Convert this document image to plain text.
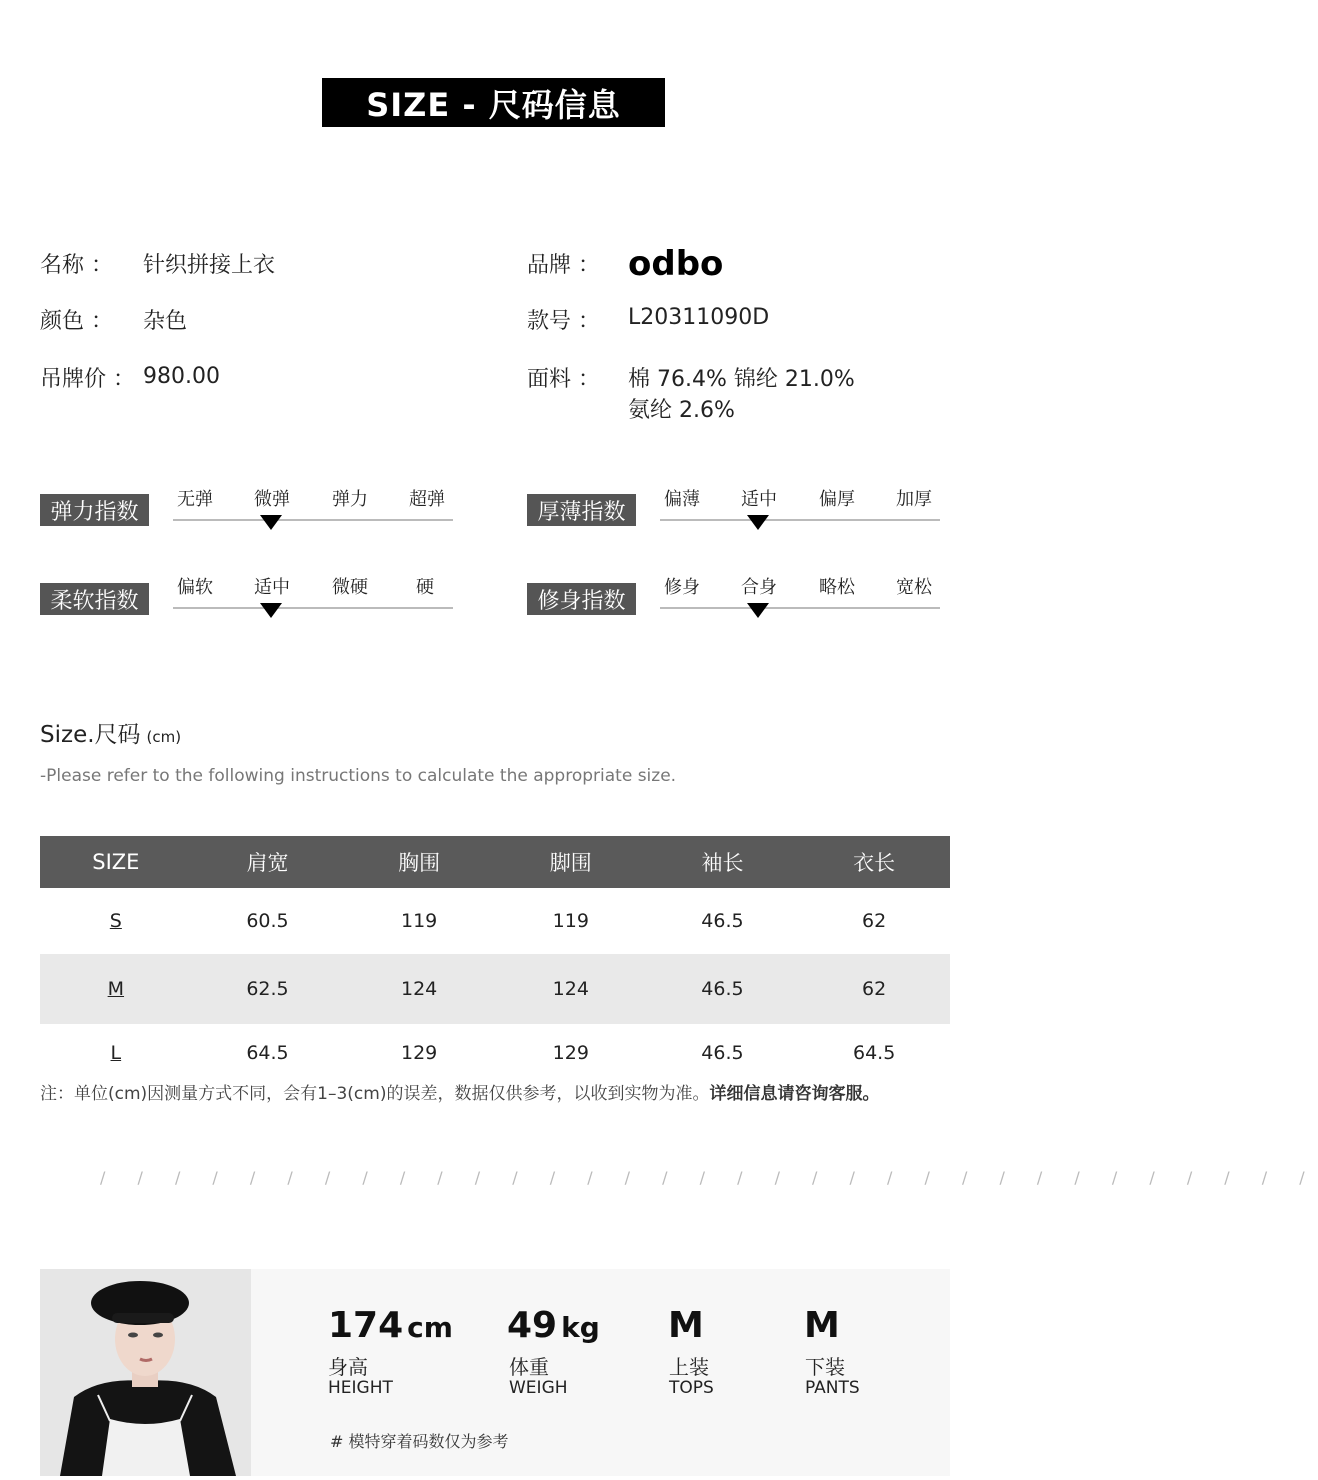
SIZE - 尺码信息
名称 ： 针织拼接上衣
颜色 ： 杂色
吊牌价 ： 980.00
品牌 ： odbo
款号 ： L20311090D
面料 ： 棉 76.4% 锦纶 21.0%
氨纶 2.6%
弹力指数	无弹	微弹	弹力	超弹	厚薄指数	偏薄	适中	偏厚	加厚
柔软指数
偏软	适中	微硬	硬
修身指数
修身	合身	略松	宽松
Size.尺码 (cm)
-Please refer to the following instructions to calculate the appropriate size.
SIZE	肩宽	胸围	脚围	袖长	衣长
S	60.5	119	119	46.5	62
M	62.5	124	124	46.5	62
L	64.5	129	129	46.5	64.5
注：单位(cm)因测量方式不同，会有1–3(cm)的误差，数据仅供参考，以收到实物为准。详细信息请咨询客服。
/ / / / / / / / / / / / / / / / / / / / / / / / / / / / / / / / /
174 cm
身高
HEIGHT
49 kg
体重
WEIGH
M
上装
TOPS
M
下装
PANTS
# 模特穿着码数仅为参考
